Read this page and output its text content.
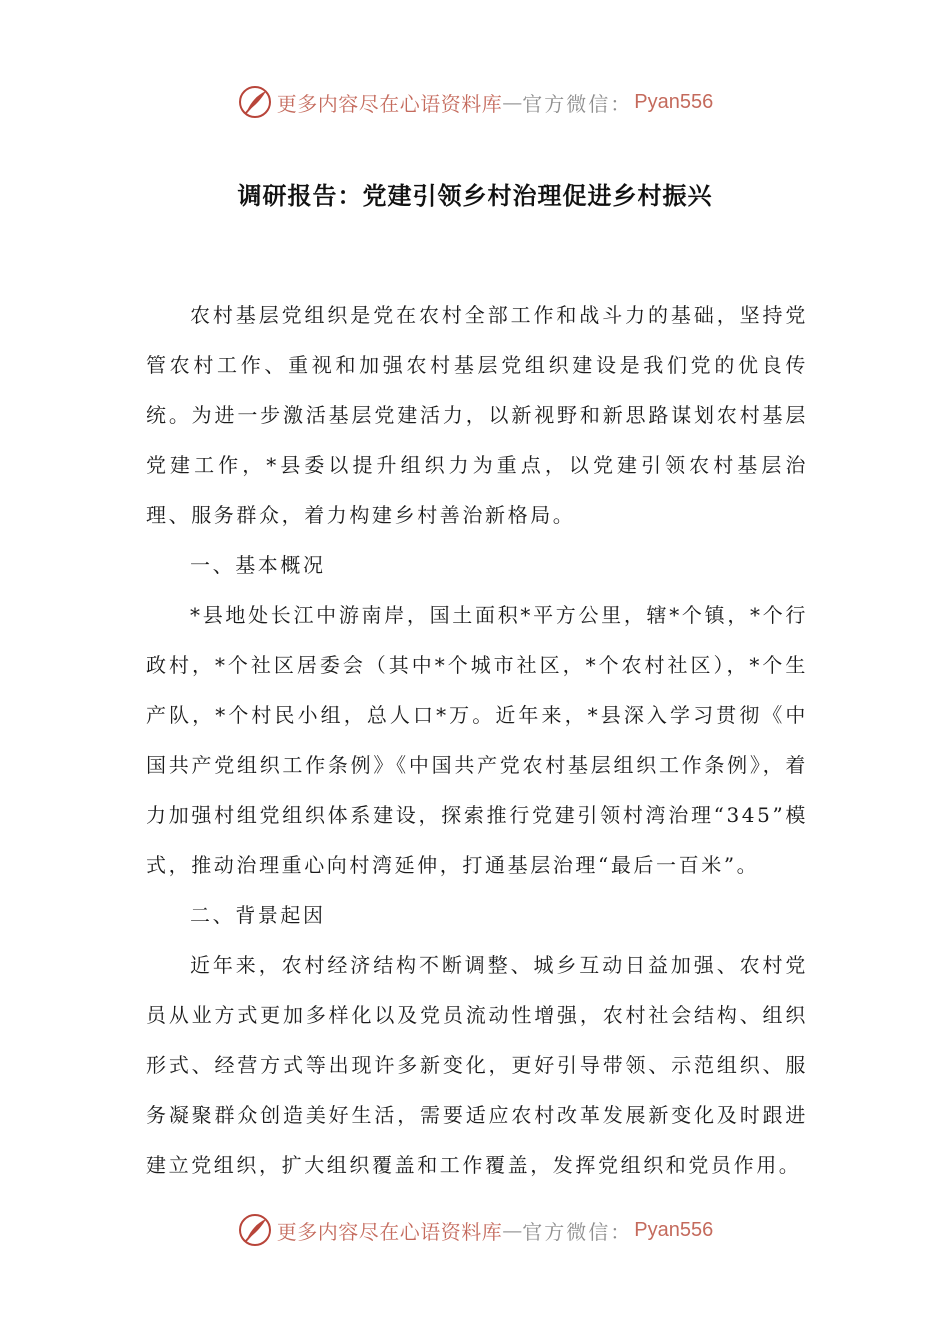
更多内容尽在心语资料库 — 官方微信： Pyan556
调研报告：党建引领乡村治理促进乡村振兴

农村基层党组织是党在农村全部工作和战斗力的基础，坚持党管农村工作、重视和加强农村基层党组织建设是我们党的优良传统。为进一步激活基层党建活力，以新视野和新思路谋划农村基层党建工作，*县委以提升组织力为重点，以党建引领农村基层治理、服务群众，着力构建乡村善治新格局。

一、基本概况

*县地处长江中游南岸，国土面积*平方公里，辖*个镇，*个行政村，*个社区居委会（其中*个城市社区，*个农村社区），*个生产队，*个村民小组，总人口*万。近年来，*县深入学习贯彻《中国共产党组织工作条例》《中国共产党农村基层组织工作条例》，着力加强村组党组织体系建设，探索推行党建引领村湾治理“345”模式，推动治理重心向村湾延伸，打通基层治理“最后一百米”。

二、背景起因

近年来，农村经济结构不断调整、城乡互动日益加强、农村党员从业方式更加多样化以及党员流动性增强，农村社会结构、组织形式、经营方式等出现许多新变化，更好引导带领、示范组织、服务凝聚群众创造美好生活，需要适应农村改革发展新变化及时跟进建立党组织，扩大组织覆盖和工作覆盖，发挥党组织和党员作用。

更多内容尽在心语资料库 — 官方微信： Pyan556
